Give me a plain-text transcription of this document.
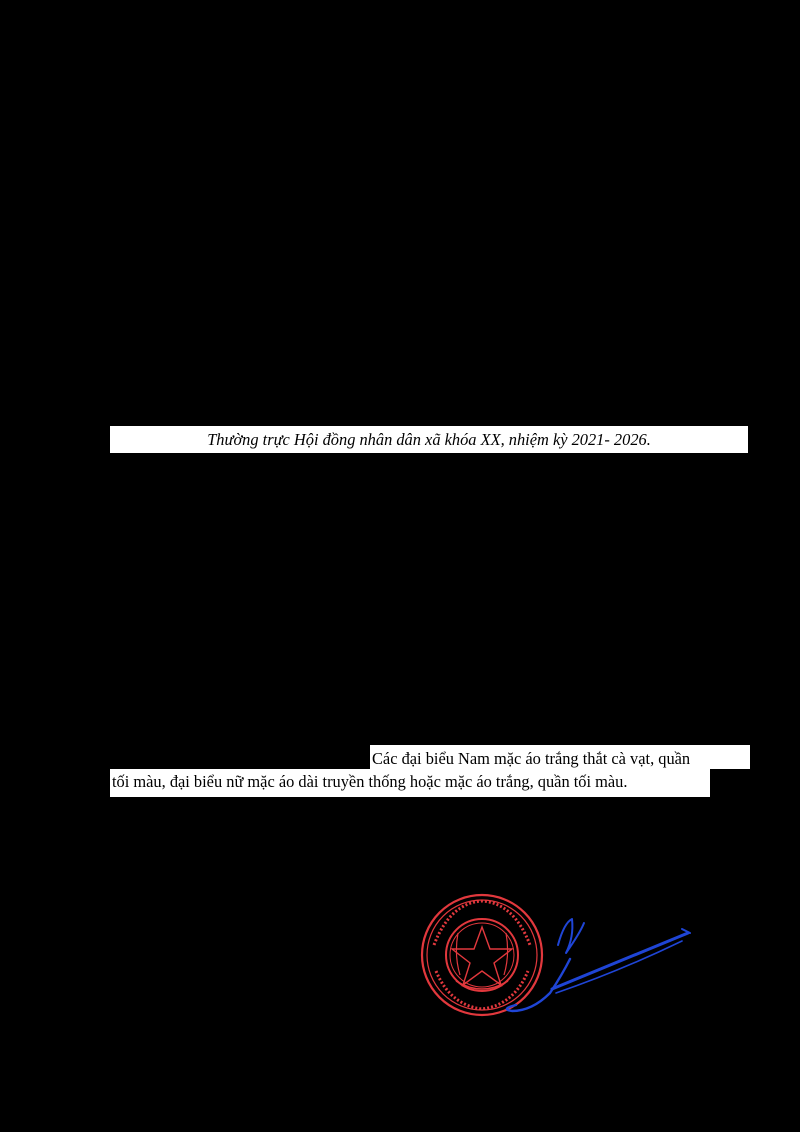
Thường trực Hội đồng nhân dân xã khóa XX, nhiệm kỳ 2021- 2026.
Các đại biểu Nam mặc áo trắng thắt cà vạt, quần
tối màu, đại biểu nữ mặc áo dài truyền thống hoặc mặc áo trắng, quần tối màu.
